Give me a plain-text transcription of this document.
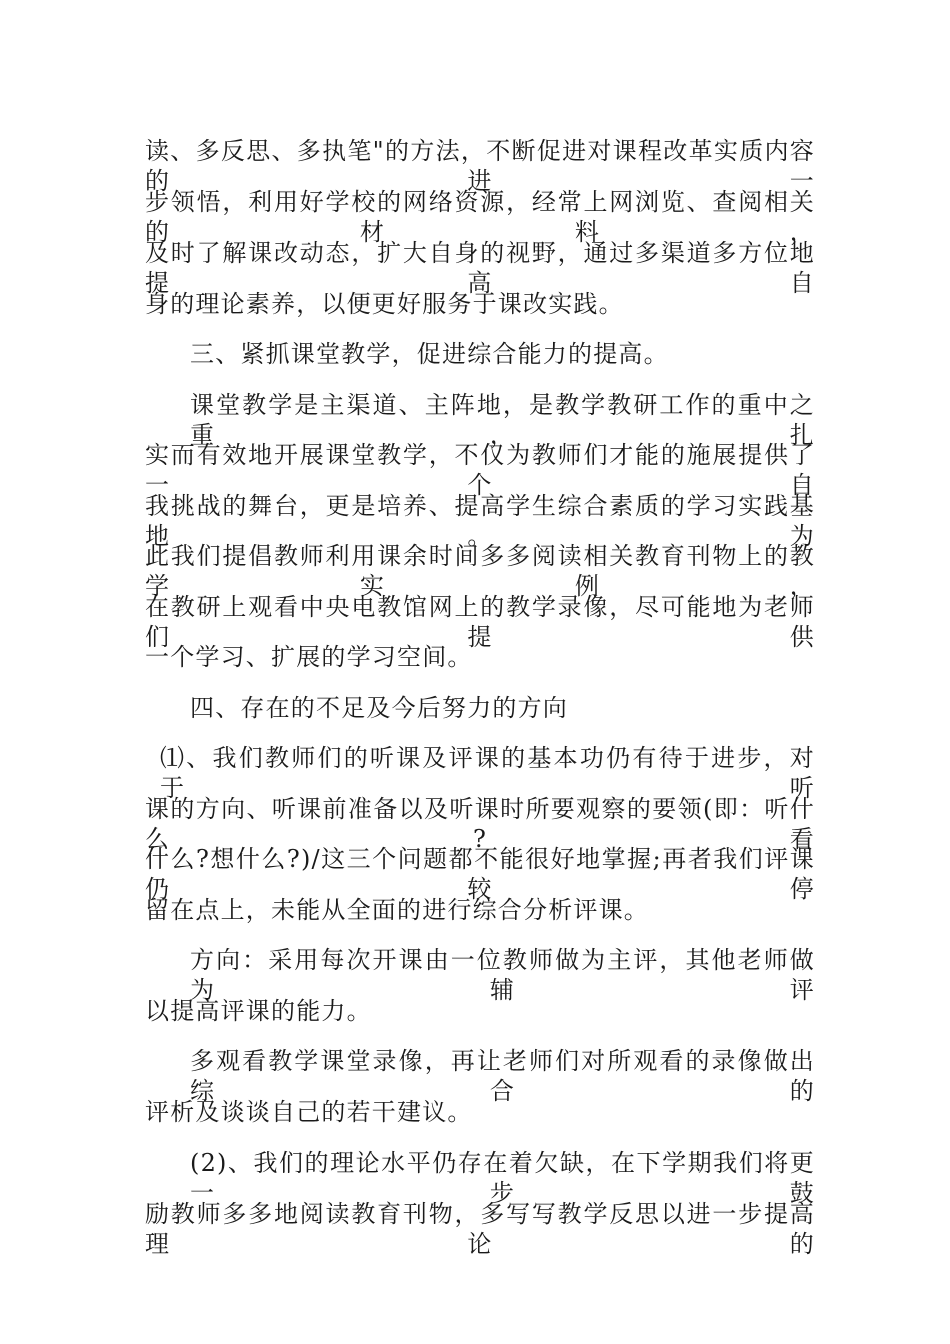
读、多反思、多执笔"的方法，不断促进对课程改革实质内容的进一
步领悟，利用好学校的网络资源，经常上网浏览、查阅相关的材料，
及时了解课改动态，扩大自身的视野，通过多渠道多方位地提高自
身的理论素养，以便更好服务于课改实践。
三、紧抓课堂教学，促进综合能力的提高。
课堂教学是主渠道、主阵地，是教学教研工作的重中之重，扎
实而有效地开展课堂教学，不仅为教师们才能的施展提供了一个自
我挑战的舞台，更是培养、提高学生综合素质的学习实践基地。为
此我们提倡教师利用课余时间多多阅读相关教育刊物上的教学实例，
在教研上观看中央电教馆网上的教学录像，尽可能地为老师们提供
一个学习、扩展的学习空间。
四、存在的不足及今后努力的方向
⑴、我们教师们的听课及评课的基本功仍有待于进步，对于听
课的方向、听课前准备以及听课时所要观察的要领(即：听什么?看
什么?想什么?)/这三个问题都不能很好地掌握;再者我们评课仍较停
留在点上，未能从全面的进行综合分析评课。
方向：采用每次开课由一位教师做为主评，其他老师做为辅评
以提高评课的能力。
多观看教学课堂录像，再让老师们对所观看的录像做出综合的
评析及谈谈自己的若干建议。
(2)、我们的理论水平仍存在着欠缺，在下学期我们将更一步鼓
励教师多多地阅读教育刊物，多写写教学反思以进一步提高理论的
